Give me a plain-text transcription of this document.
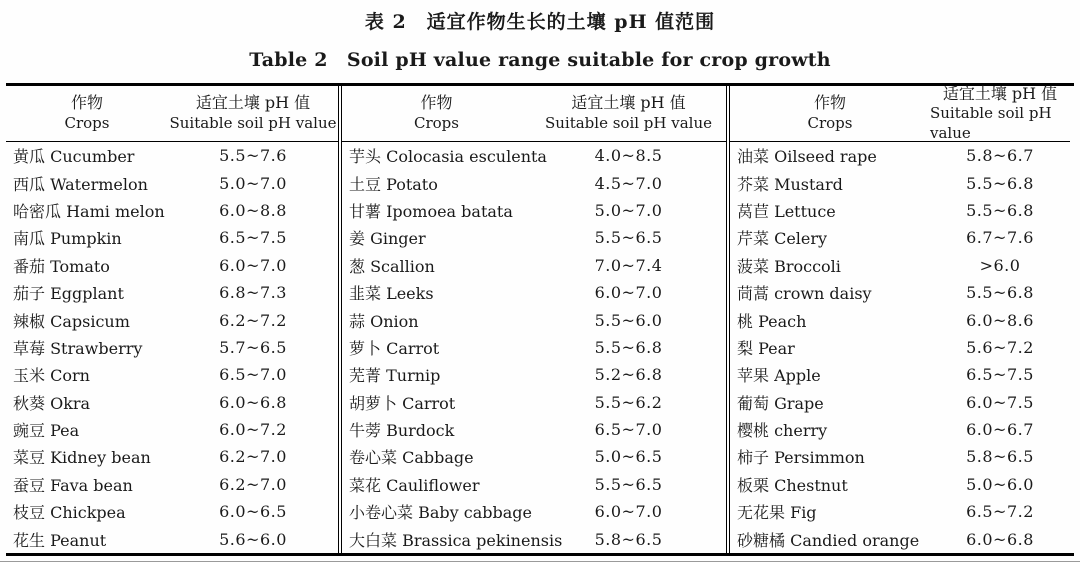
表 2　适宜作物生长的土壤 pH 值范围
Table 2　Soil pH value range suitable for crop growth
作物
Crops
适宜土壤 pH 值
Suitable soil pH value
黄瓜 Cucumber	5.5~7.6
西瓜 Watermelon	5.0~7.0
哈密瓜 Hami melon	6.0~8.8
南瓜 Pumpkin	6.5~7.5
番茄 Tomato	6.0~7.0
茄子 Eggplant	6.8~7.3
辣椒 Capsicum	6.2~7.2
草莓 Strawberry	5.7~6.5
玉米 Corn	6.5~7.0
秋葵 Okra	6.0~6.8
豌豆 Pea	6.0~7.2
菜豆 Kidney bean	6.2~7.0
蚕豆 Fava bean	6.2~7.0
枝豆 Chickpea	6.0~6.5
花生 Peanut	5.6~6.0
作物
Crops
适宜土壤 pH 值
Suitable soil pH value
芋头 Colocasia esculenta	4.0~8.5
土豆 Potato	4.5~7.0
甘薯 Ipomoea batata	5.0~7.0
姜 Ginger	5.5~6.5
葱 Scallion	7.0~7.4
韭菜 Leeks	6.0~7.0
蒜 Onion	5.5~6.0
萝卜 Carrot	5.5~6.8
芜菁 Turnip	5.2~6.8
胡萝卜 Carrot	5.5~6.2
牛蒡 Burdock	6.5~7.0
卷心菜 Cabbage	5.0~6.5
菜花 Cauliflower	5.5~6.5
小卷心菜 Baby cabbage	6.0~7.0
大白菜 Brassica pekinensis	5.8~6.5
作物
Crops
适宜土壤 pH 值
Suitable soil pH value
油菜 Oilseed rape	5.8~6.7
芥菜 Mustard	5.5~6.8
莴苣 Lettuce	5.5~6.8
芹菜 Celery	6.7~7.6
菠菜 Broccoli	>6.0
茼蒿 crown daisy	5.5~6.8
桃 Peach	6.0~8.6
梨 Pear	5.6~7.2
苹果 Apple	6.5~7.5
葡萄 Grape	6.0~7.5
樱桃 cherry	6.0~6.7
柿子 Persimmon	5.8~6.5
板栗 Chestnut	5.0~6.0
无花果 Fig	6.5~7.2
砂糖橘 Candied orange	6.0~6.8
